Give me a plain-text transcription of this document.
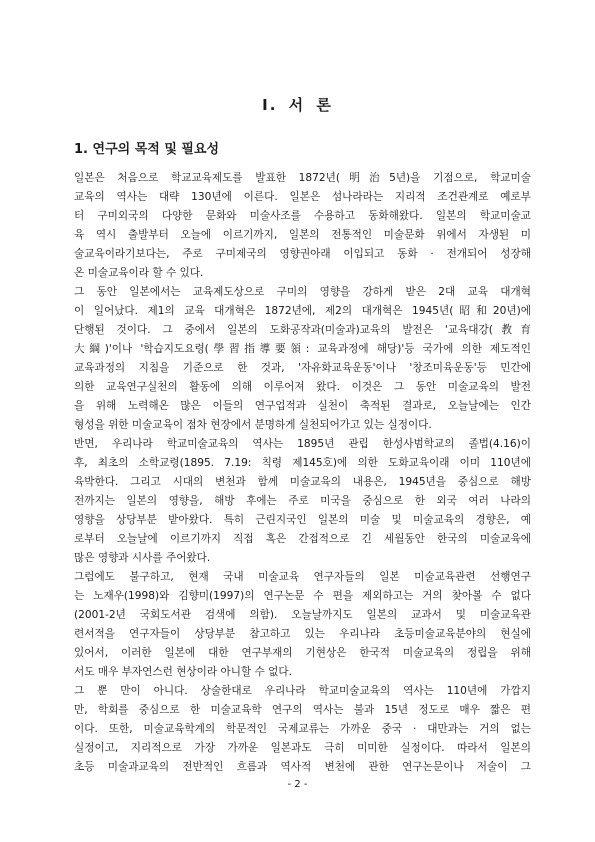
Ⅰ. 서 론
1. 연구의 목적 및 필요성
일본은 처음으로 학교교육제도를 발표한 1872년(明治5년)을 기점으로, 학교미술
교육의 역사는 대략 130년에 이른다. 일본은 섬나라라는 지리적 조건관계로 예로부
터 구미외국의 다양한 문화와 미술사조를 수용하고 동화해왔다. 일본의 학교미술교
육 역시 출발부터 오늘에 이르기까지, 일본의 전통적인 미술문화 위에서 자생된 미
술교육이라기보다는, 주로 구미제국의 영향권아래 이입되고 동화 · 전개되어 성장해
온 미술교육이라 할 수 있다.
그 동안 일본에서는 교육제도상으로 구미의 영향을 강하게 받은 2대 교육 대개혁
이 일어났다. 제1의 교육 대개혁은 1872년에, 제2의 대개혁은 1945년(昭和20년)에
단행된 것이다. 그 중에서 일본의 도화공작과(미술과)교육의 발전은 '교육대강(教育
大綱)'이나 '학습지도요령(學習指導要領: 교육과정에 해당)'등 국가에 의한 제도적인
교육과정의 지침을 기준으로 한 것과, '자유화교육운동'이나 '창조미육운동'등 민간에
의한 교육연구실천의 활동에 의해 이루어져 왔다. 이것은 그 동안 미술교육의 발전
을 위해 노력해온 많은 이들의 연구업적과 실천이 축적된 결과로, 오늘날에는 인간
형성을 위한 미술교육이 점차 현장에서 분명하게 실천되어가고 있는 실정이다.
반면, 우리나라 학교미술교육의 역사는 1895년 관립 한성사범학교의 졸법(4.16)이
후, 최초의 소학교령(1895. 7.19: 칙령 제145호)에 의한 도화교육이래 이미 110년에
육박한다. 그리고 시대의 변천과 함께 미술교육의 내용은, 1945년을 중심으로 해방
전까지는 일본의 영향을, 해방 후에는 주로 미국을 중심으로 한 외국 여러 나라의
영향을 상당부분 받아왔다. 특히 근린지국인 일본의 미술 및 미술교육의 경향은, 예
로부터 오늘날에 이르기까지 직접 혹은 간접적으로 긴 세월동안 한국의 미술교육에
많은 영향과 시사를 주어왔다.
그럼에도 불구하고, 현재 국내 미술교육 연구자들의 일본 미술교육관련 선행연구
는 노재우(1998)와 김향미(1997)의 연구논문 수 편을 제외하고는 거의 찾아볼 수 없다
(2001-2년 국회도서관 검색에 의함). 오늘날까지도 일본의 교과서 및 미술교육관
련서적을 연구자들이 상당부분 참고하고 있는 우리나라 초등미술교육분야의 현실에
있어서, 이러한 일본에 대한 연구부재의 기현상은 한국적 미술교육의 정립을 위해
서도 매우 부자연스런 현상이라 아니할 수 없다.
그 뿐 만이 아니다. 상술한대로 우리나라 학교미술교육의 역사는 110년에 가깝지
만, 학회를 중심으로 한 미술교육학 연구의 역사는 불과 15년 정도로 매우 짧은 편
이다. 또한, 미술교육학계의 학문적인 국제교류는 가까운 중국 · 대만과는 거의 없는
실정이고, 지리적으로 가장 가까운 일본과도 극히 미미한 실정이다. 따라서 일본의
초등 미술과교육의 전반적인 흐름과 역사적 변천에 관한 연구논문이나 저술이 그
- 2 -
